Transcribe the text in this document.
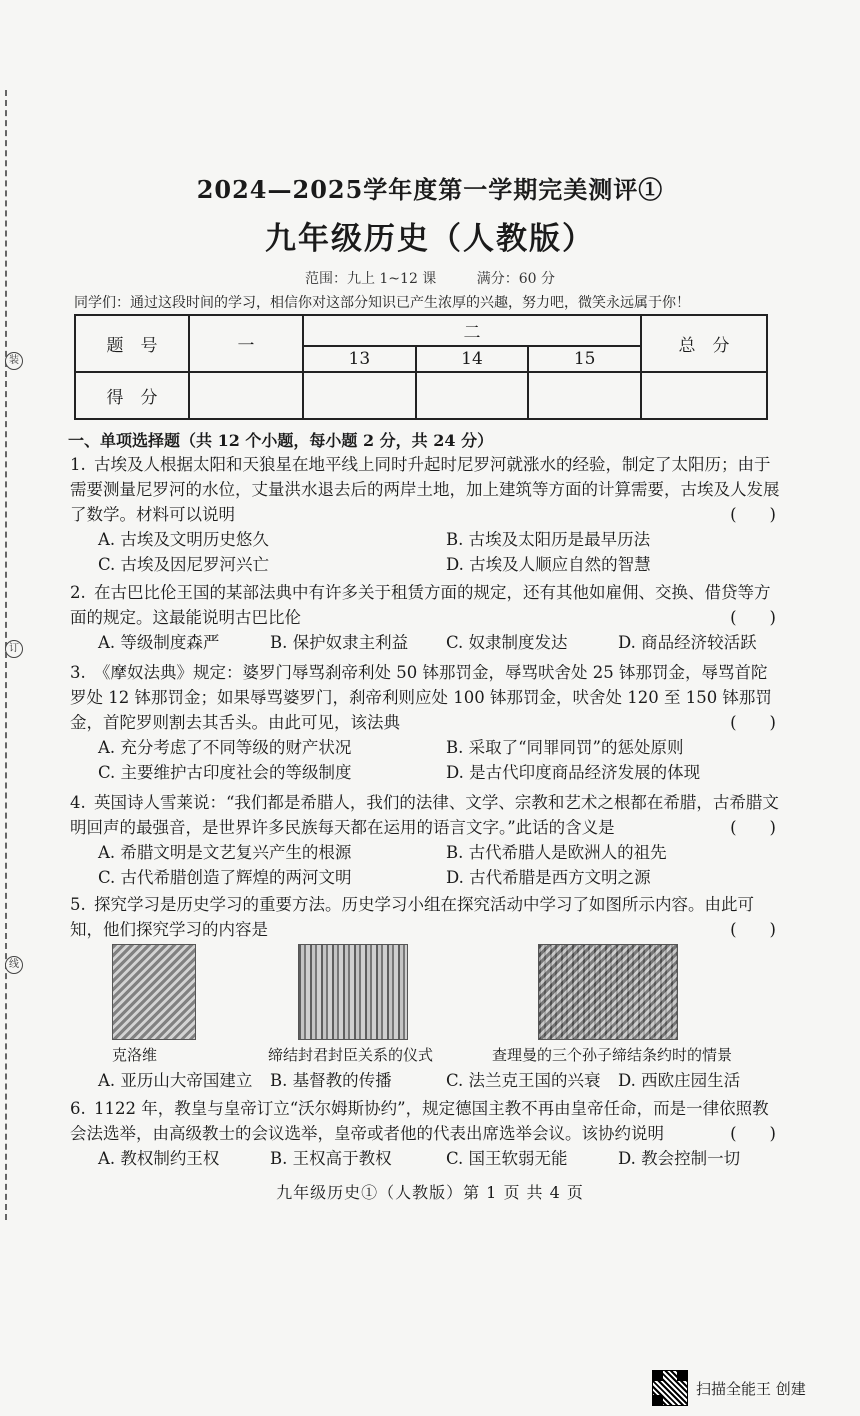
装
订
线
2024—2025学年度第一学期完美测评①
九年级历史（人教版）
范围：九上 1~12 课	满分：60 分
同学们：通过这段时间的学习，相信你对这部分知识已产生浓厚的兴趣，努力吧，微笑永远属于你！
题　号	一	二			总　分
		13	14	15	
得　分					
一、单项选择题（共 12 个小题，每小题 2 分，共 24 分）
1. 古埃及人根据太阳和天狼星在地平线上同时升起时尼罗河就涨水的经验，制定了太阳历；由于需要测量尼罗河的水位，丈量洪水退去后的两岸土地，加上建筑等方面的计算需要，古埃及人发展了数学。材料可以说明	(　　)
A. 古埃及文明历史悠久	B. 古埃及太阳历是最早历法
C. 古埃及因尼罗河兴亡	D. 古埃及人顺应自然的智慧
2. 在古巴比伦王国的某部法典中有许多关于租赁方面的规定，还有其他如雇佣、交换、借贷等方面的规定。这最能说明古巴比伦	(　　)
A. 等级制度森严	B. 保护奴隶主利益 C. 奴隶制度发达	D. 商品经济较活跃
3. 《摩奴法典》规定：婆罗门辱骂刹帝利处 50 钵那罚金，辱骂吠舍处 25 钵那罚金，辱骂首陀罗处 12 钵那罚金；如果辱骂婆罗门，刹帝利则应处 100 钵那罚金，吠舍处 120 至 150 钵那罚金，首陀罗则割去其舌头。由此可见，该法典	(　　)
A. 充分考虑了不同等级的财产状况	B. 采取了“同罪同罚”的惩处原则
C. 主要维护古印度社会的等级制度	D. 是古代印度商品经济发展的体现
4. 英国诗人雪莱说：“我们都是希腊人，我们的法律、文学、宗教和艺术之根都在希腊，古希腊文明回声的最强音，是世界许多民族每天都在运用的语言文字。”此话的含义是	(　　)
A. 希腊文明是文艺复兴产生的根源	B. 古代希腊人是欧洲人的祖先
C. 古代希腊创造了辉煌的两河文明	D. 古代希腊是西方文明之源
5. 探究学习是历史学习的重要方法。历史学习小组在探究活动中学习了如图所示内容。由此可知，他们探究学习的内容是	(　　)
克洛维	缔结封君封臣关系的仪式	查理曼的三个孙子缔结条约时的情景
A. 亚历山大帝国建立 B. 基督教的传播	C. 法兰克王国的兴衰 D. 西欧庄园生活
6. 1122 年，教皇与皇帝订立“沃尔姆斯协约”，规定德国主教不再由皇帝任命，而是一律依照教会法选举，由高级教士的会议选举，皇帝或者他的代表出席选举会议。该协约说明	(　　)
A. 教权制约王权	B. 王权高于教权	C. 国王软弱无能	D. 教会控制一切
九年级历史①（人教版）第 1 页 共 4 页
扫描全能王 创建
